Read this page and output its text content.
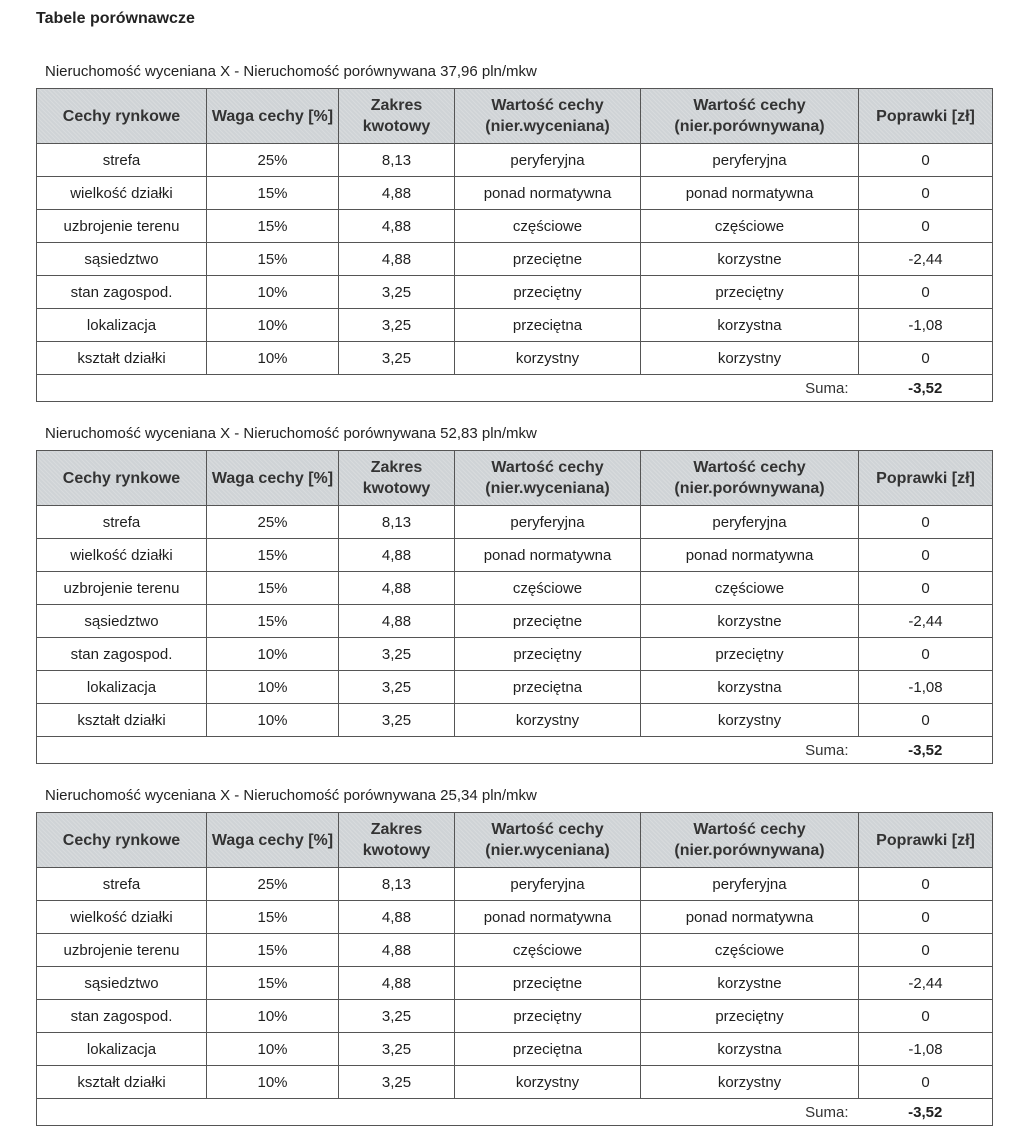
Tabele porównawcze
Nieruchomość wyceniana X - Nieruchomość porównywana 37,96 pln/mkw
Cechy rynkowe	Waga cechy [%]	Zakres kwotowy	Wartość cechy (nier.wyceniana)	Wartość cechy (nier.porównywana)	Poprawki [zł]
strefa	25%	8,13	peryferyjna	peryferyjna	0
wielkość działki	15%	4,88	ponad normatywna	ponad normatywna	0
uzbrojenie terenu	15%	4,88	częściowe	częściowe	0
sąsiedztwo	15%	4,88	przeciętne	korzystne	-2,44
stan zagospod.	10%	3,25	przeciętny	przeciętny	0
lokalizacja	10%	3,25	przeciętna	korzystna	-1,08
kształt działki	10%	3,25	korzystny	korzystny	0
Suma:					-3,52
Nieruchomość wyceniana X - Nieruchomość porównywana 52,83 pln/mkw
Cechy rynkowe	Waga cechy [%]	Zakres kwotowy	Wartość cechy (nier.wyceniana)	Wartość cechy (nier.porównywana)	Poprawki [zł]
strefa	25%	8,13	peryferyjna	peryferyjna	0
wielkość działki	15%	4,88	ponad normatywna	ponad normatywna	0
uzbrojenie terenu	15%	4,88	częściowe	częściowe	0
sąsiedztwo	15%	4,88	przeciętne	korzystne	-2,44
stan zagospod.	10%	3,25	przeciętny	przeciętny	0
lokalizacja	10%	3,25	przeciętna	korzystna	-1,08
kształt działki	10%	3,25	korzystny	korzystny	0
Suma:					-3,52
Nieruchomość wyceniana X - Nieruchomość porównywana 25,34 pln/mkw
Cechy rynkowe	Waga cechy [%]	Zakres kwotowy	Wartość cechy (nier.wyceniana)	Wartość cechy (nier.porównywana)	Poprawki [zł]
strefa	25%	8,13	peryferyjna	peryferyjna	0
wielkość działki	15%	4,88	ponad normatywna	ponad normatywna	0
uzbrojenie terenu	15%	4,88	częściowe	częściowe	0
sąsiedztwo	15%	4,88	przeciętne	korzystne	-2,44
stan zagospod.	10%	3,25	przeciętny	przeciętny	0
lokalizacja	10%	3,25	przeciętna	korzystna	-1,08
kształt działki	10%	3,25	korzystny	korzystny	0
Suma:					-3,52
